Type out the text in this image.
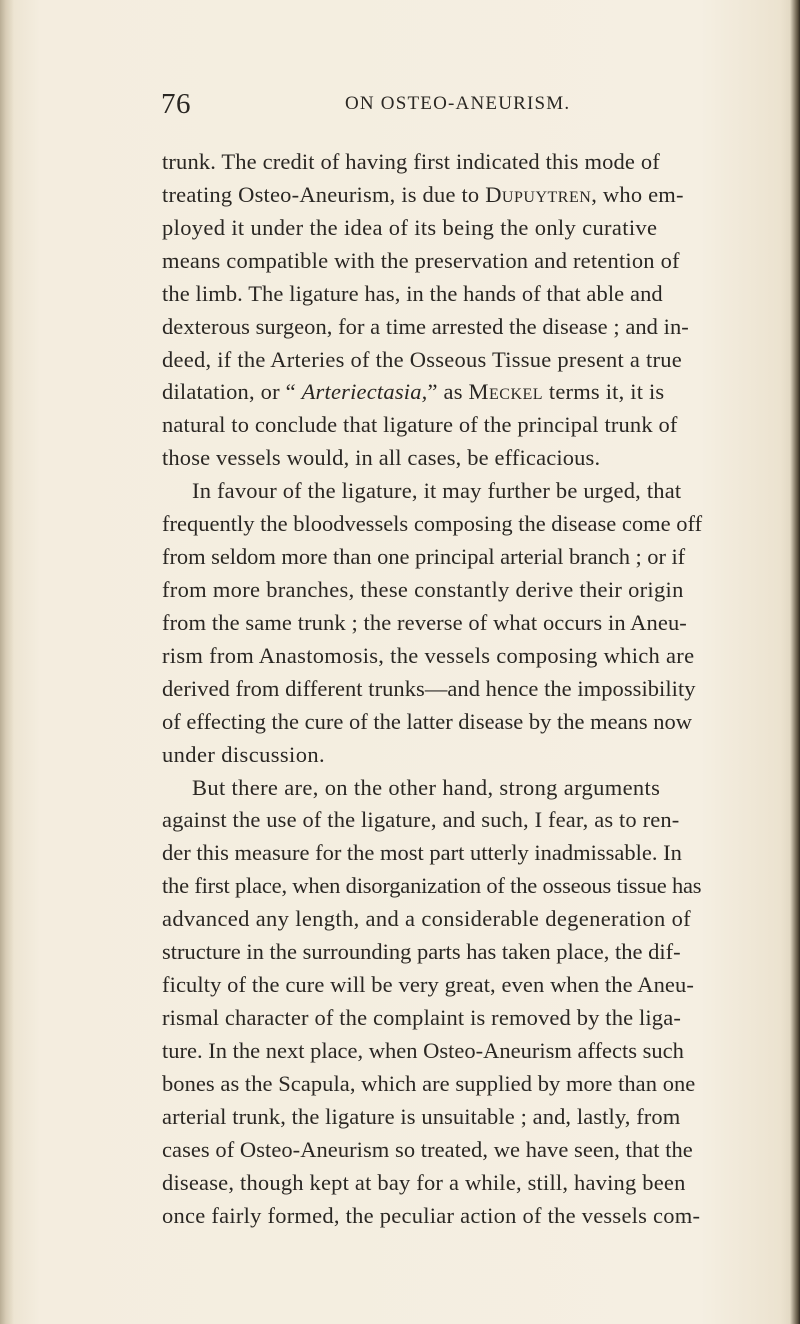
76	ON OSTEO-ANEURISM.
trunk. The credit of having first indicated this mode of
treating Osteo-Aneurism, is due to Dupuytren, who em-
ployed it under the idea of its being the only curative
means compatible with the preservation and retention of
the limb. The ligature has, in the hands of that able and
dexterous surgeon, for a time arrested the disease ; and in-
deed, if the Arteries of the Osseous Tissue present a true
dilatation, or “ Arteriectasia,” as Meckel terms it, it is
natural to conclude that ligature of the principal trunk of
those vessels would, in all cases, be efficacious.
In favour of the ligature, it may further be urged, that
frequently the bloodvessels composing the disease come off
from seldom more than one principal arterial branch ; or if
from more branches, these constantly derive their origin
from the same trunk ; the reverse of what occurs in Aneu-
rism from Anastomosis, the vessels composing which are
derived from different trunks—and hence the impossibility
of effecting the cure of the latter disease by the means now
under discussion.
But there are, on the other hand, strong arguments
against the use of the ligature, and such, I fear, as to ren-
der this measure for the most part utterly inadmissable. In
the first place, when disorganization of the osseous tissue has
advanced any length, and a considerable degeneration of
structure in the surrounding parts has taken place, the dif-
ficulty of the cure will be very great, even when the Aneu-
rismal character of the complaint is removed by the liga-
ture. In the next place, when Osteo-Aneurism affects such
bones as the Scapula, which are supplied by more than one
arterial trunk, the ligature is unsuitable ; and, lastly, from
cases of Osteo-Aneurism so treated, we have seen, that the
disease, though kept at bay for a while, still, having been
once fairly formed, the peculiar action of the vessels com-
